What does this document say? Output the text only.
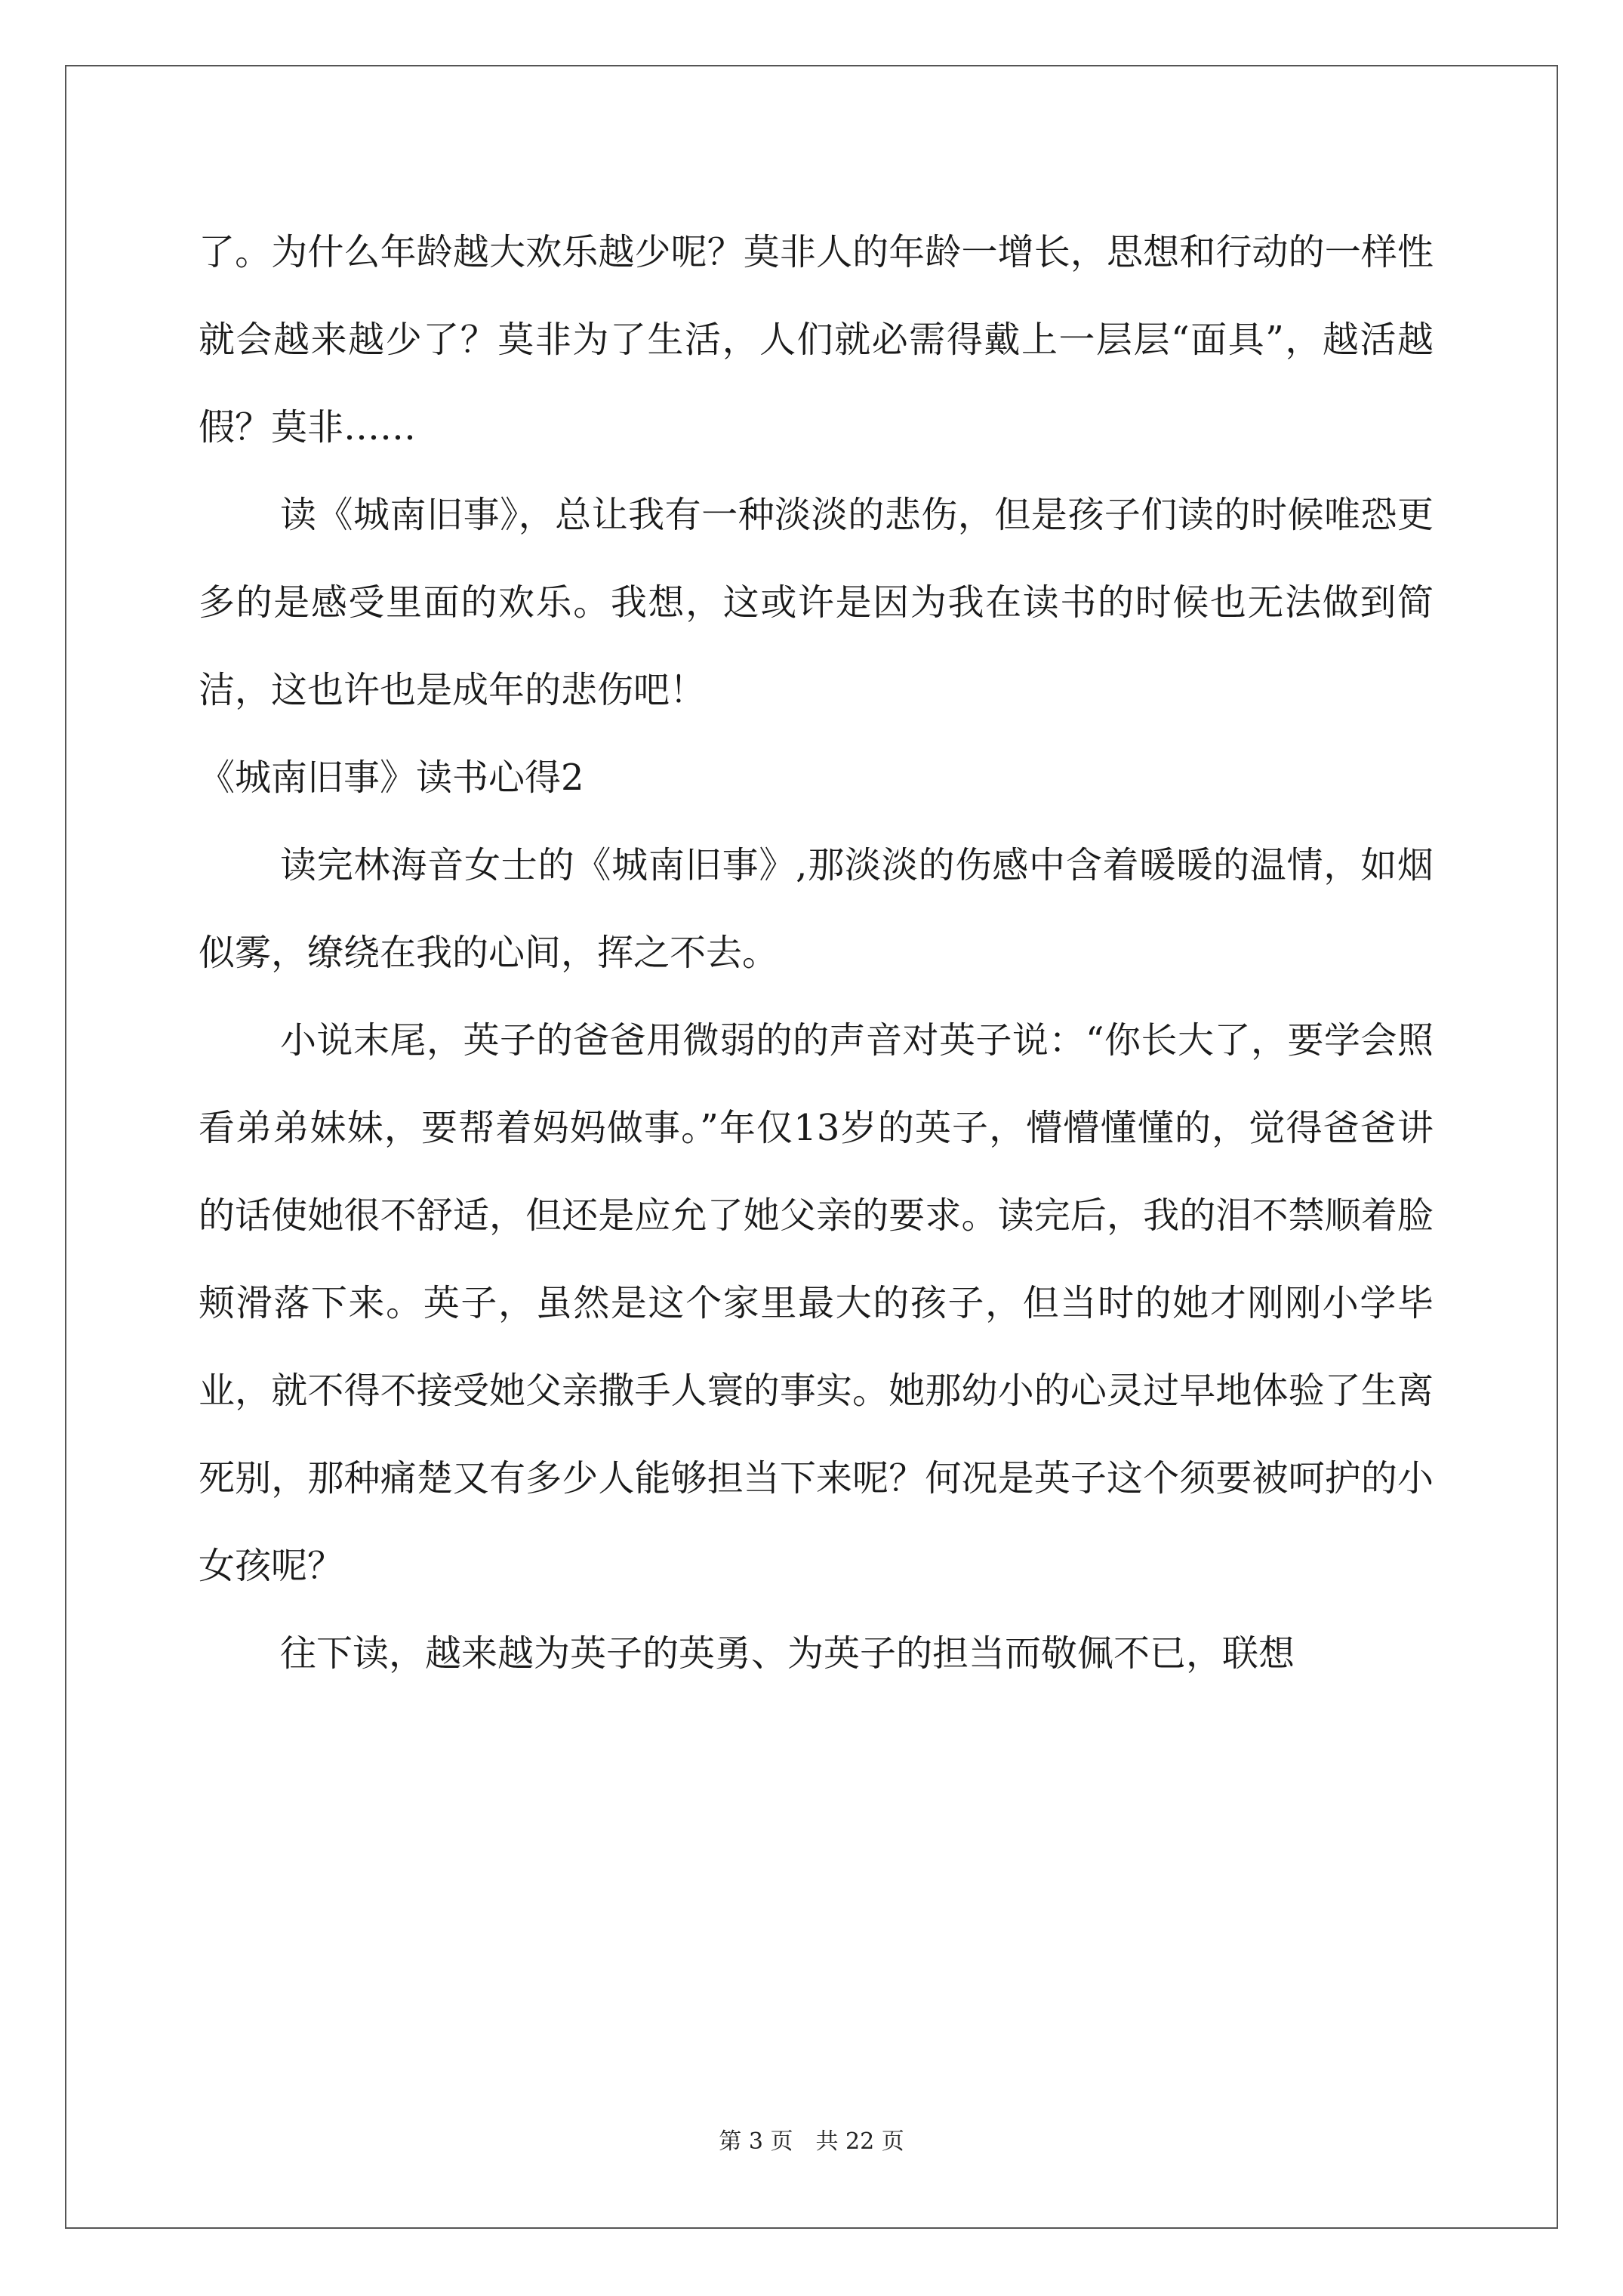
了。为什么年龄越大欢乐越少呢？莫非人的年龄一增长，思想和行动的一样性就会越来越少了？莫非为了生活，人们就必需得戴上一层层“面具”，越活越假？莫非……

读《城南旧事》，总让我有一种淡淡的悲伤，但是孩子们读的时候唯恐更多的是感受里面的欢乐。我想，这或许是因为我在读书的时候也无法做到简洁，这也许也是成年的悲伤吧！

《城南旧事》读书心得2

读完林海音女士的《城南旧事》,那淡淡的伤感中含着暖暖的温情，如烟似雾，缭绕在我的心间，挥之不去。

小说末尾，英子的爸爸用微弱的的声音对英子说：“你长大了，要学会照看弟弟妹妹，要帮着妈妈做事。”年仅13岁的英子，懵懵懂懂的，觉得爸爸讲的话使她很不舒适，但还是应允了她父亲的要求。读完后，我的泪不禁顺着脸颊滑落下来。英子，虽然是这个家里最大的孩子，但当时的她才刚刚小学毕业，就不得不接受她父亲撒手人寰的事实。她那幼小的心灵过早地体验了生离死别，那种痛楚又有多少人能够担当下来呢？何况是英子这个须要被呵护的小女孩呢？

往下读，越来越为英子的英勇、为英子的担当而敬佩不已，联想

第 3 页　共 22 页
